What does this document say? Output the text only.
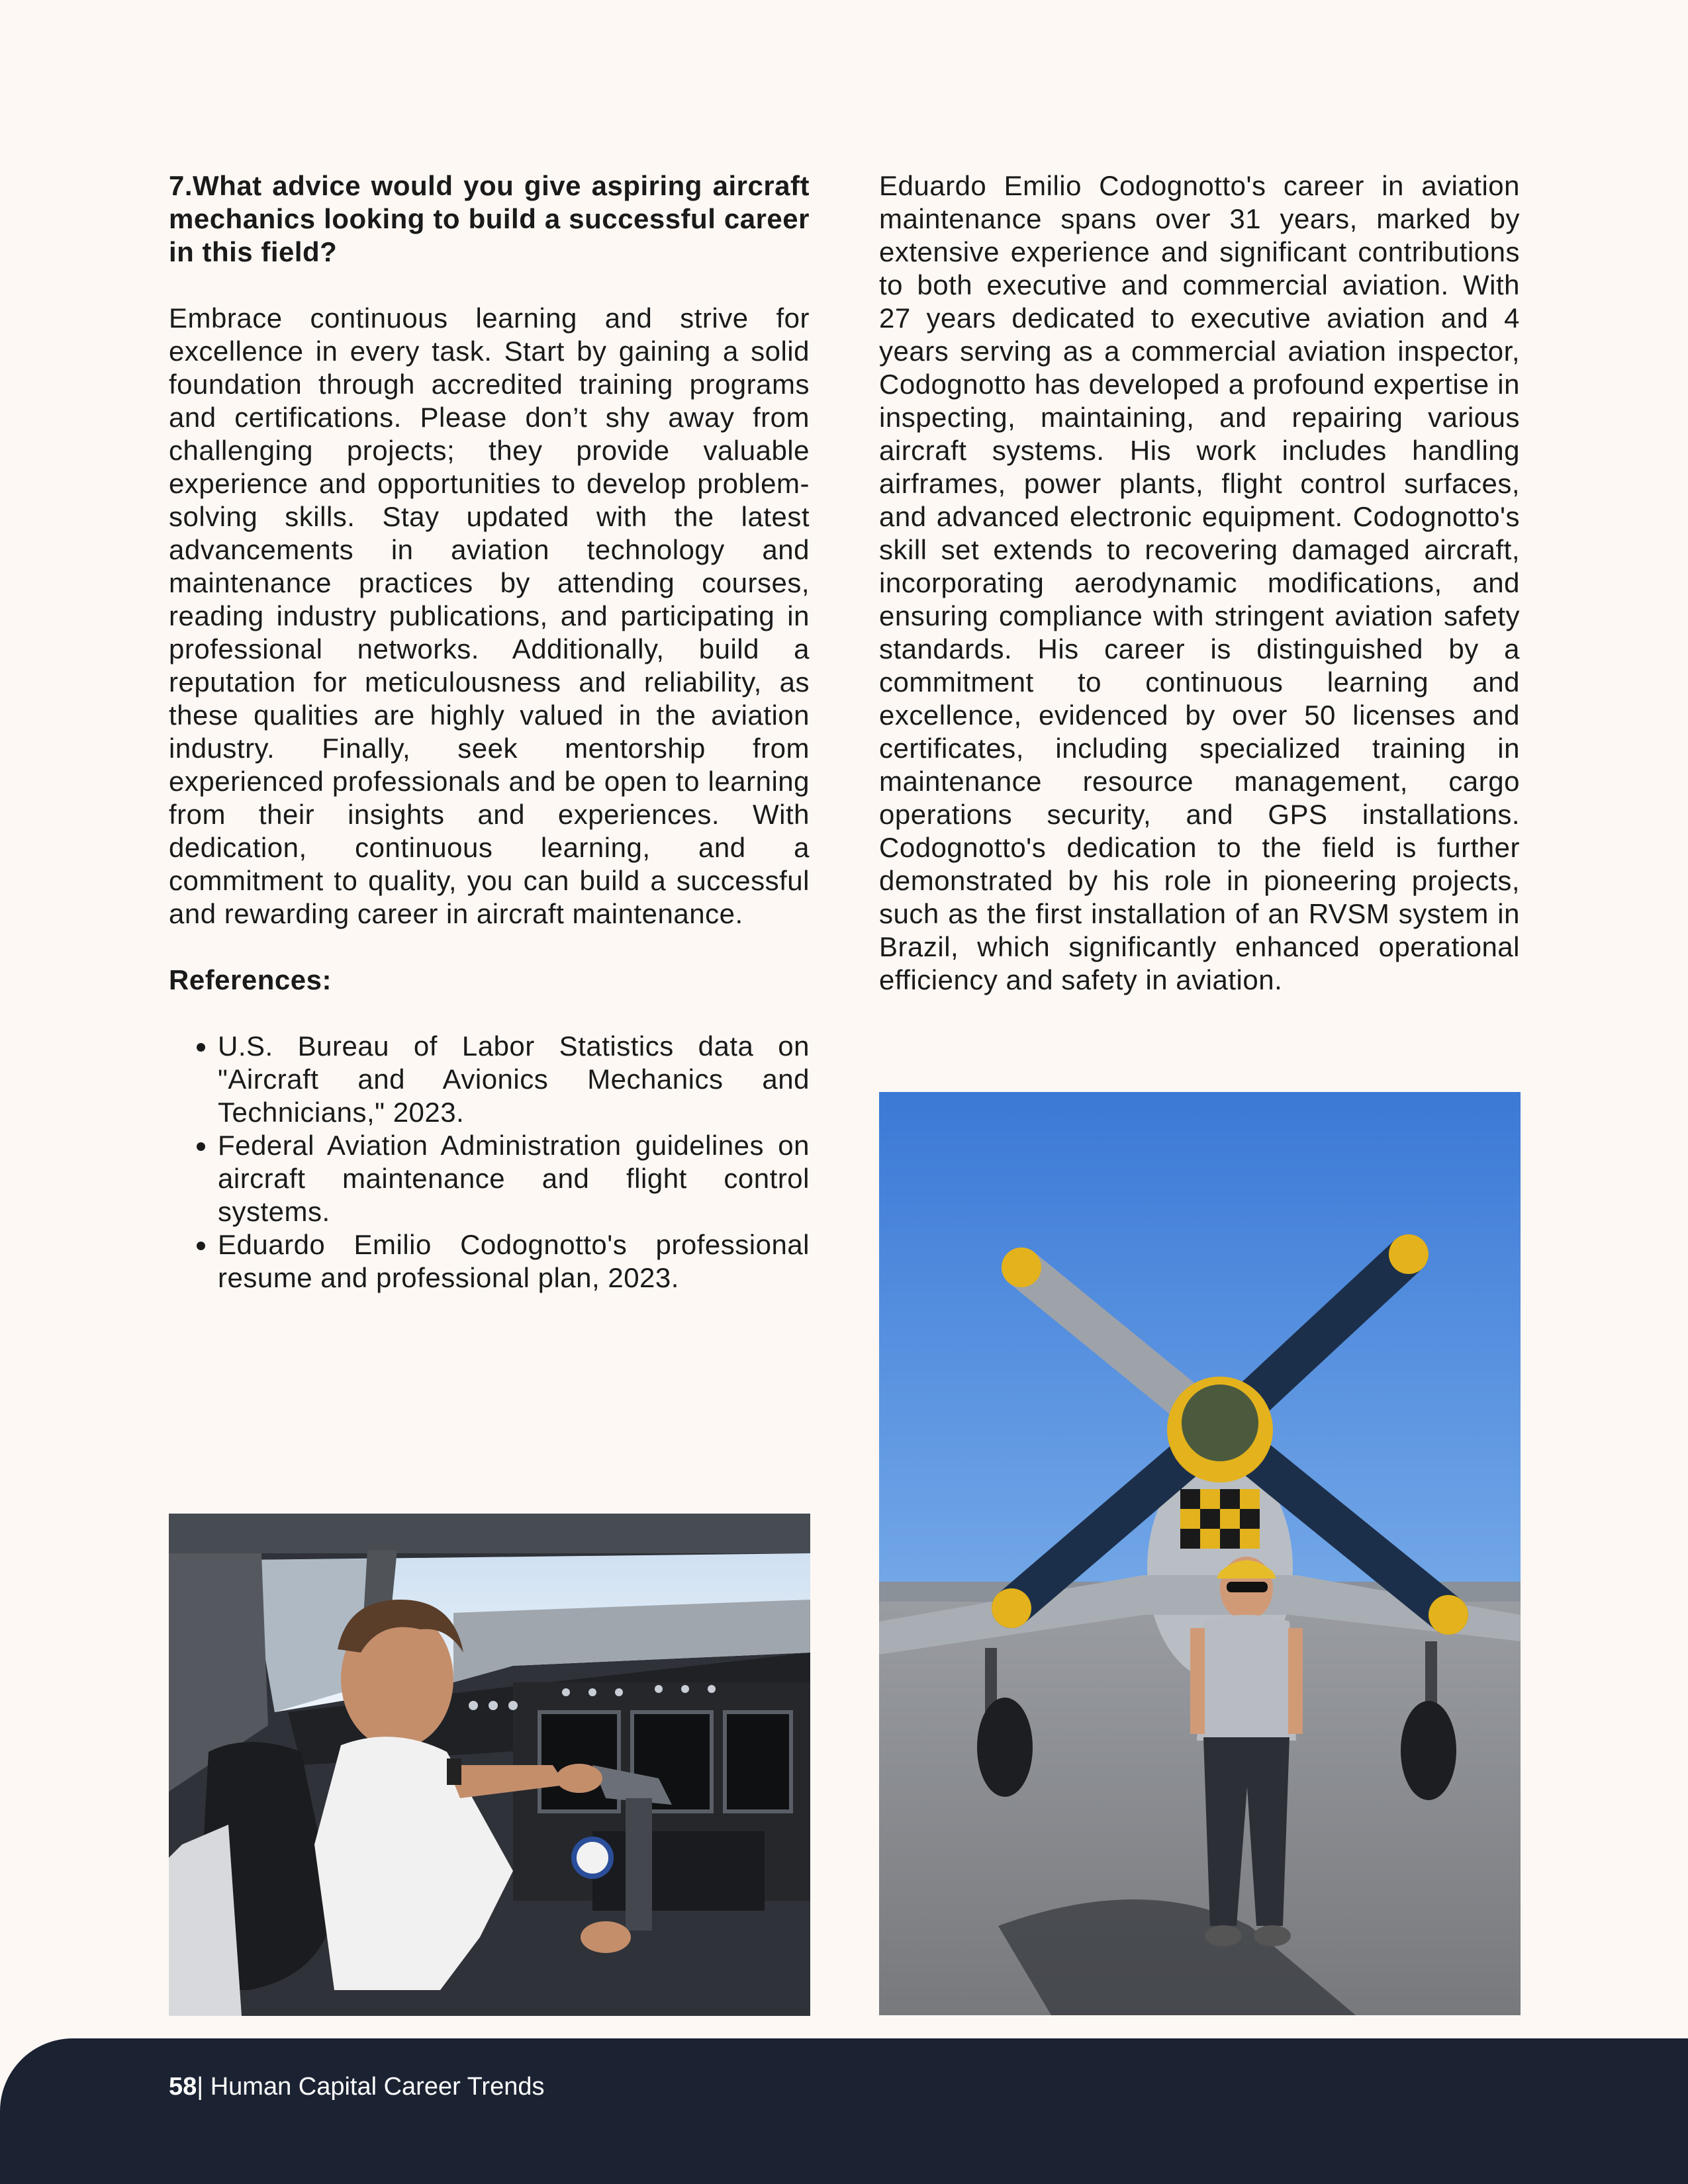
7.What advice would you give aspiring aircraft mechanics looking to build a successful career in this field?

Embrace continuous learning and strive for excellence in every task. Start by gaining a solid foundation through accredited training programs and certifications. Please don’t shy away from challenging projects; they provide valuable experience and opportunities to develop problem-solving skills. Stay updated with the latest advancements in aviation technology and maintenance practices by attending courses, reading industry publications, and participating in professional networks. Additionally, build a reputation for meticulousness and reliability, as these qualities are highly valued in the aviation industry. Finally, seek mentorship from experienced professionals and be open to learning from their insights and experiences. With dedication, continuous learning, and a commitment to quality, you can build a successful and rewarding career in aircraft maintenance.

References:

• U.S. Bureau of Labor Statistics data on "Aircraft and Avionics Mechanics and Technicians," 2023.
• Federal Aviation Administration guidelines on aircraft maintenance and flight control systems.
• Eduardo Emilio Codognotto's professional resume and professional plan, 2023.

Eduardo Emilio Codognotto's career in aviation maintenance spans over 31 years, marked by extensive experience and significant contributions to both executive and commercial aviation. With 27 years dedicated to executive aviation and 4 years serving as a commercial aviation inspector, Codognotto has developed a profound expertise in inspecting, maintaining, and repairing various aircraft systems. His work includes handling airframes, power plants, flight control surfaces, and advanced electronic equipment. Codognotto's skill set extends to recovering damaged aircraft, incorporating aerodynamic modifications, and ensuring compliance with stringent aviation safety standards. His career is distinguished by a commitment to continuous learning and excellence, evidenced by over 50 licenses and certificates, including specialized training in maintenance resource management, cargo operations security, and GPS installations. Codognotto's dedication to the field is further demonstrated by his role in pioneering projects, such as the first installation of an RVSM system in Brazil, which significantly enhanced operational efficiency and safety in aviation.

58| Human Capital Career Trends
